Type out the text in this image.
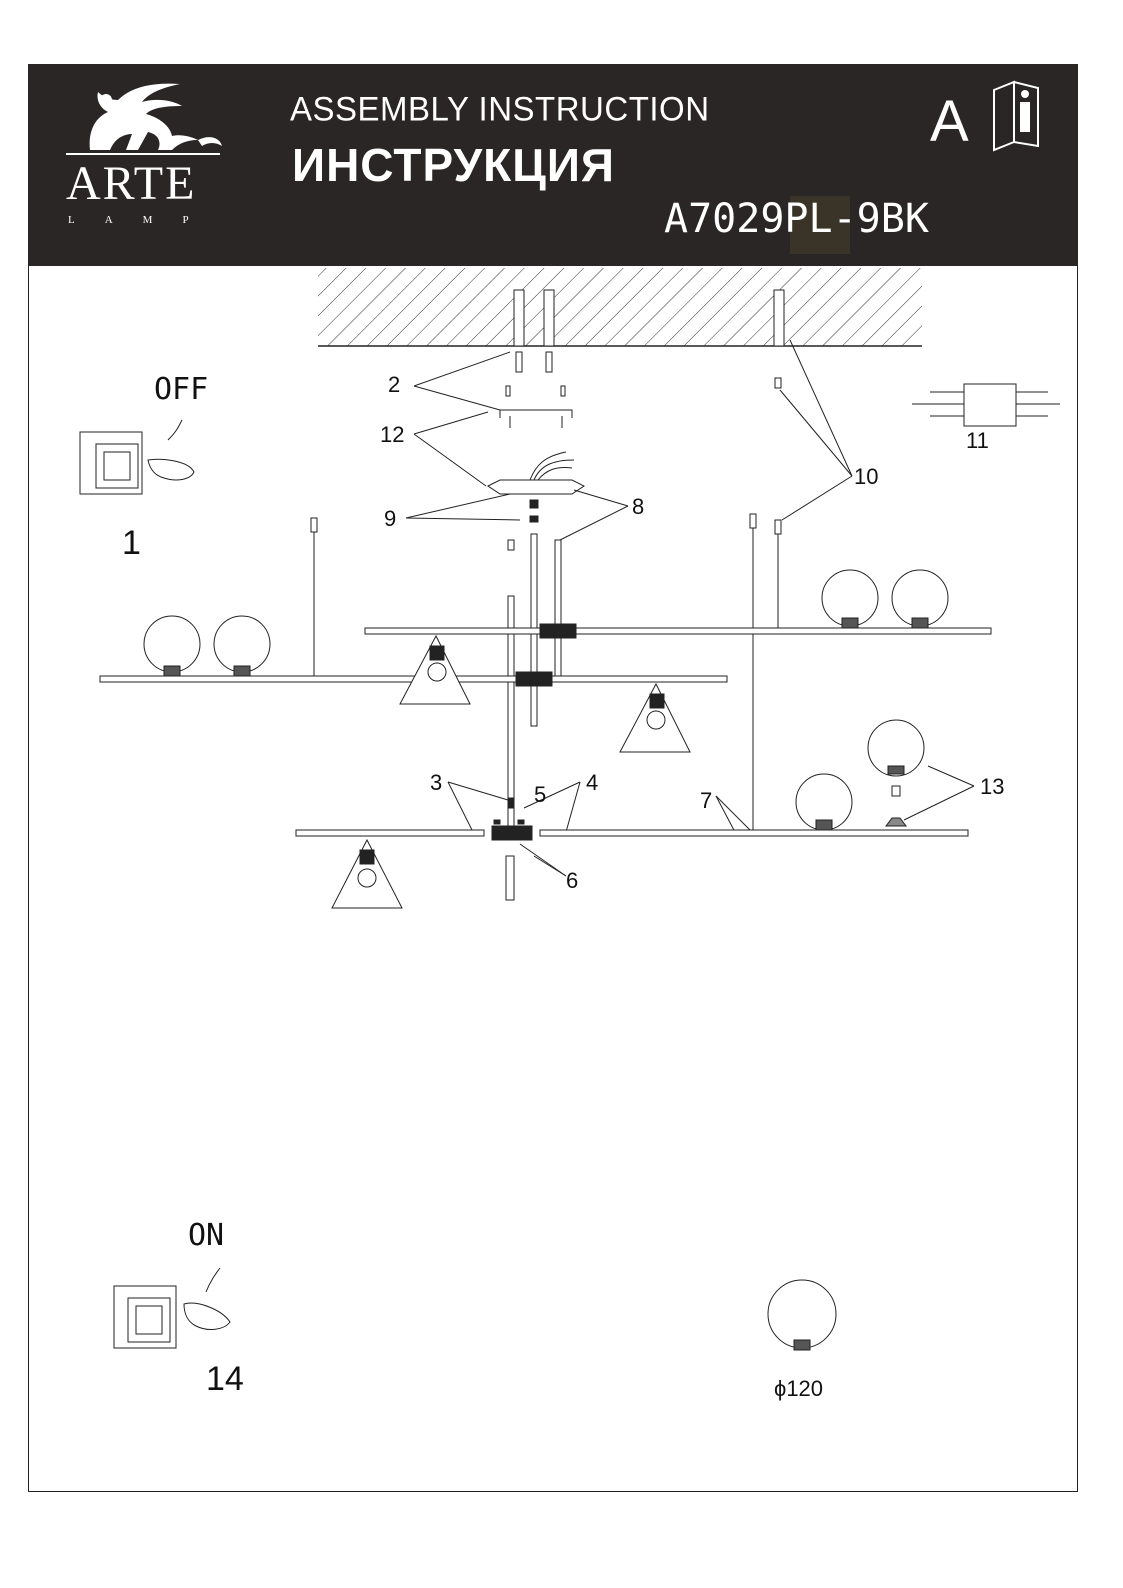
ARTE
LAMP
ASSEMBLY INSTRUCTION
ИНСТРУКЦИЯ
A7029PL-9BK
A
OFF
1
ON
14
2
12
9	8
10
11
3	4
5
6
7
13
ϕ120
